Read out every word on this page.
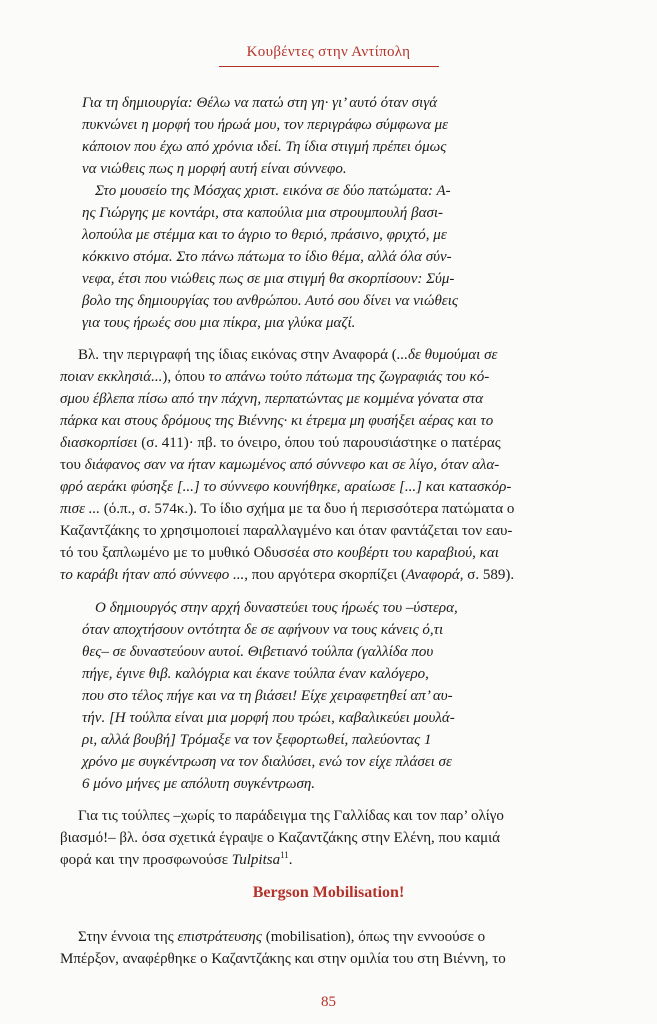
Κουβέντες στην Αντίπολη
Για τη δημιουργία: Θέλω να πατώ στη γη· γι’ αυτό όταν σιγά
πυκνώνει η μορφή του ήρωά μου, τον περιγράφω σύμφωνα με
κάποιον που έχω από χρόνια ιδεί. Τη ίδια στιγμή πρέπει όμως
να νιώθεις πως η μορφή αυτή είναι σύννεφο.
Στο μουσείο της Μόσχας χριστ. εικόνα σε δύο πατώματα: Α-
ης Γιώργης με κοντάρι, στα καπούλια μια στρουμπουλή βασι-
λοπούλα με στέμμα και το άγριο το θεριό, πράσινο, φριχτό, με
κόκκινο στόμα. Στο πάνω πάτωμα το ίδιο θέμα, αλλά όλα σύν-
νεφα, έτσι που νιώθεις πως σε μια στιγμή θα σκορπίσουν: Σύμ-
βολο της δημιουργίας του ανθρώπου. Αυτό σου δίνει να νιώθεις
για τους ήρωές σου μια πίκρα, μια γλύκα μαζί.
Βλ. την περιγραφή της ίδιας εικόνας στην Αναφορά (...δε θυμούμαι σε
ποιαν εκκλησιά...), όπου το απάνω τούτο πάτωμα της ζωγραφιάς του κό-
σμου έβλεπα πίσω από την πάχνη, περπατώντας με κομμένα γόνατα στα
πάρκα και στους δρόμους της Βιέννης· κι έτρεμα μη φυσήξει αέρας και το
διασκορπίσει (σ. 411)· πβ. το όνειρο, όπου τού παρουσιάστηκε ο πατέρας
του διάφανος σαν να ήταν καμωμένος από σύννεφο και σε λίγο, όταν αλα-
φρό αεράκι φύσηξε [...] το σύννεφο κουνήθηκε, αραίωσε [...] και κατασκόρ-
πισε ... (ό.π., σ. 574κ.). Το ίδιο σχήμα με τα δυο ή περισσότερα πατώματα ο
Καζαντζάκης το χρησιμοποιεί παραλλαγμένο και όταν φαντάζεται τον εαυ-
τό του ξαπλωμένο με το μυθικό Οδυσσέα στο κουβέρτι του καραβιού, και
το καράβι ήταν από σύννεφο ..., που αργότερα σκορπίζει (Αναφορά, σ. 589).
Ο δημιουργός στην αρχή δυναστεύει τους ήρωές του –ύστερα,
όταν αποχτήσουν οντότητα δε σε αφήνουν να τους κάνεις ό,τι
θες– σε δυναστεύουν αυτοί. Θιβετιανό τούλπα (γαλλίδα που
πήγε, έγινε θιβ. καλόγρια και έκανε τούλπα έναν καλόγερο,
που στο τέλος πήγε και να τη βιάσει! Είχε χειραφετηθεί απ’ αυ-
τήν. [Η τούλπα είναι μια μορφή που τρώει, καβαλικεύει μουλά-
ρι, αλλά βουβή] Τρόμαξε να τον ξεφορτωθεί, παλεύοντας 1
χρόνο με συγκέντρωση να τον διαλύσει, ενώ τον είχε πλάσει σε
6 μόνο μήνες με απόλυτη συγκέντρωση.
Για τις τούλπες –χωρίς το παράδειγμα της Γαλλίδας και τον παρ’ ολίγο
βιασμό!– βλ. όσα σχετικά έγραψε ο Καζαντζάκης στην Ελένη, που καμιά
φορά και την προσφωνούσε Tulpitsa$^{11}$.
Bergson Mobilisation!
Στην έννοια της επιστράτευσης (mobilisation), όπως την εννοούσε ο
Μπέρξον, αναφέρθηκε ο Καζαντζάκης και στην ομιλία του στη Βιέννη, το
85
